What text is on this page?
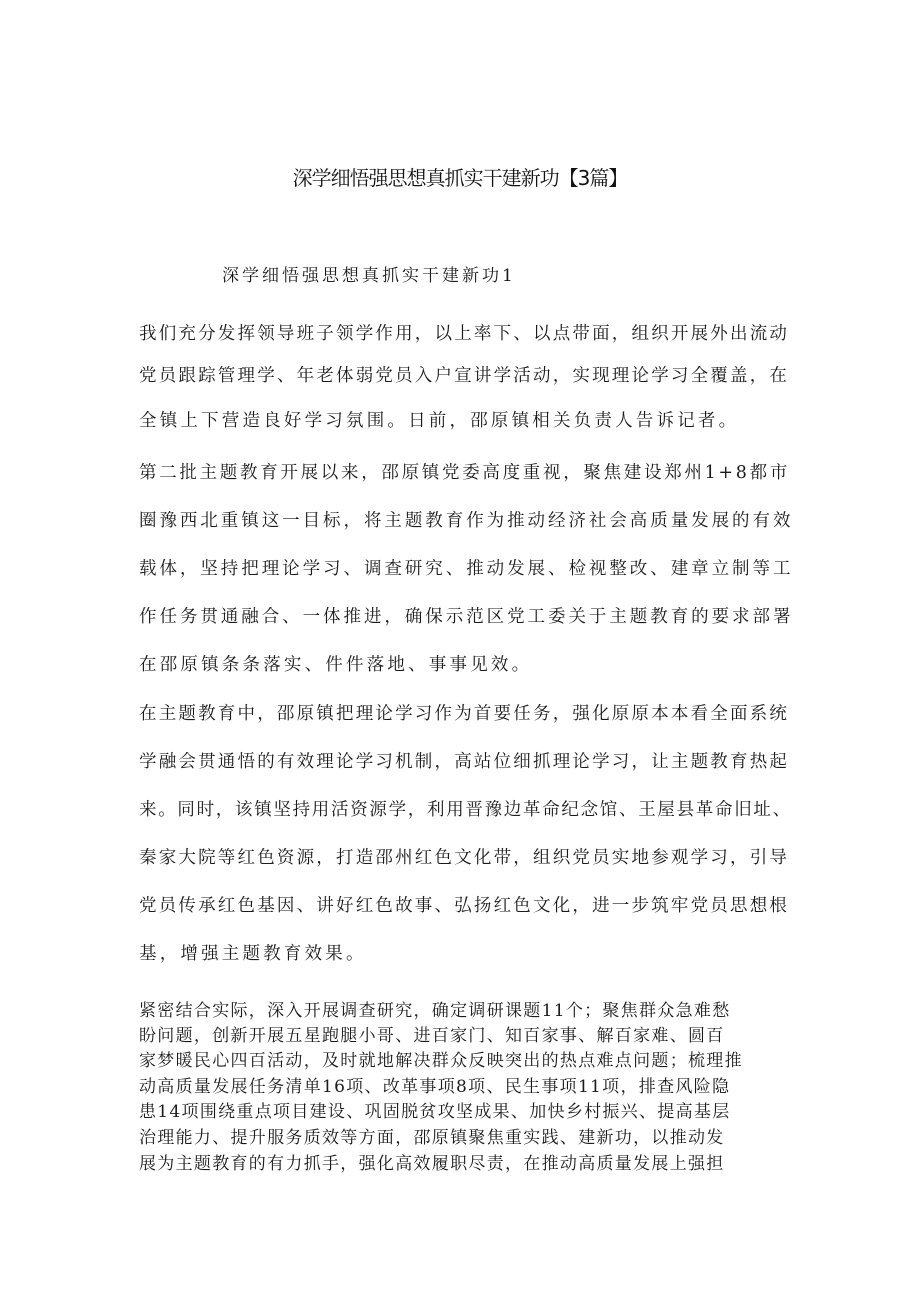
深学细悟强思想真抓实干建新功【3篇】
深学细悟强思想真抓实干建新功1
我们充分发挥领导班子领学作用，以上率下、以点带面，组织开展外出流动
党员跟踪管理学、年老体弱党员入户宣讲学活动，实现理论学习全覆盖，在
全镇上下营造良好学习氛围。日前，邵原镇相关负责人告诉记者。
第二批主题教育开展以来，邵原镇党委高度重视，聚焦建设郑州1+8都市
圈豫西北重镇这一目标，将主题教育作为推动经济社会高质量发展的有效
载体，坚持把理论学习、调查研究、推动发展、检视整改、建章立制等工
作任务贯通融合、一体推进，确保示范区党工委关于主题教育的要求部署
在邵原镇条条落实、件件落地、事事见效。
在主题教育中，邵原镇把理论学习作为首要任务，强化原原本本看全面系统
学融会贯通悟的有效理论学习机制，高站位细抓理论学习，让主题教育热起
来。同时，该镇坚持用活资源学，利用晋豫边革命纪念馆、王屋县革命旧址、
秦家大院等红色资源，打造邵州红色文化带，组织党员实地参观学习，引导
党员传承红色基因、讲好红色故事、弘扬红色文化，进一步筑牢党员思想根
基，增强主题教育效果。
紧密结合实际，深入开展调查研究，确定调研课题11个；聚焦群众急难愁
盼问题，创新开展五星跑腿小哥、进百家门、知百家事、解百家难、圆百
家梦暖民心四百活动，及时就地解决群众反映突出的热点难点问题；梳理推
动高质量发展任务清单16项、改革事项8项、民生事项11项，排查风险隐
患14项围绕重点项目建设、巩固脱贫攻坚成果、加快乡村振兴、提高基层
治理能力、提升服务质效等方面，邵原镇聚焦重实践、建新功，以推动发
展为主题教育的有力抓手，强化高效履职尽责，在推动高质量发展上强担
